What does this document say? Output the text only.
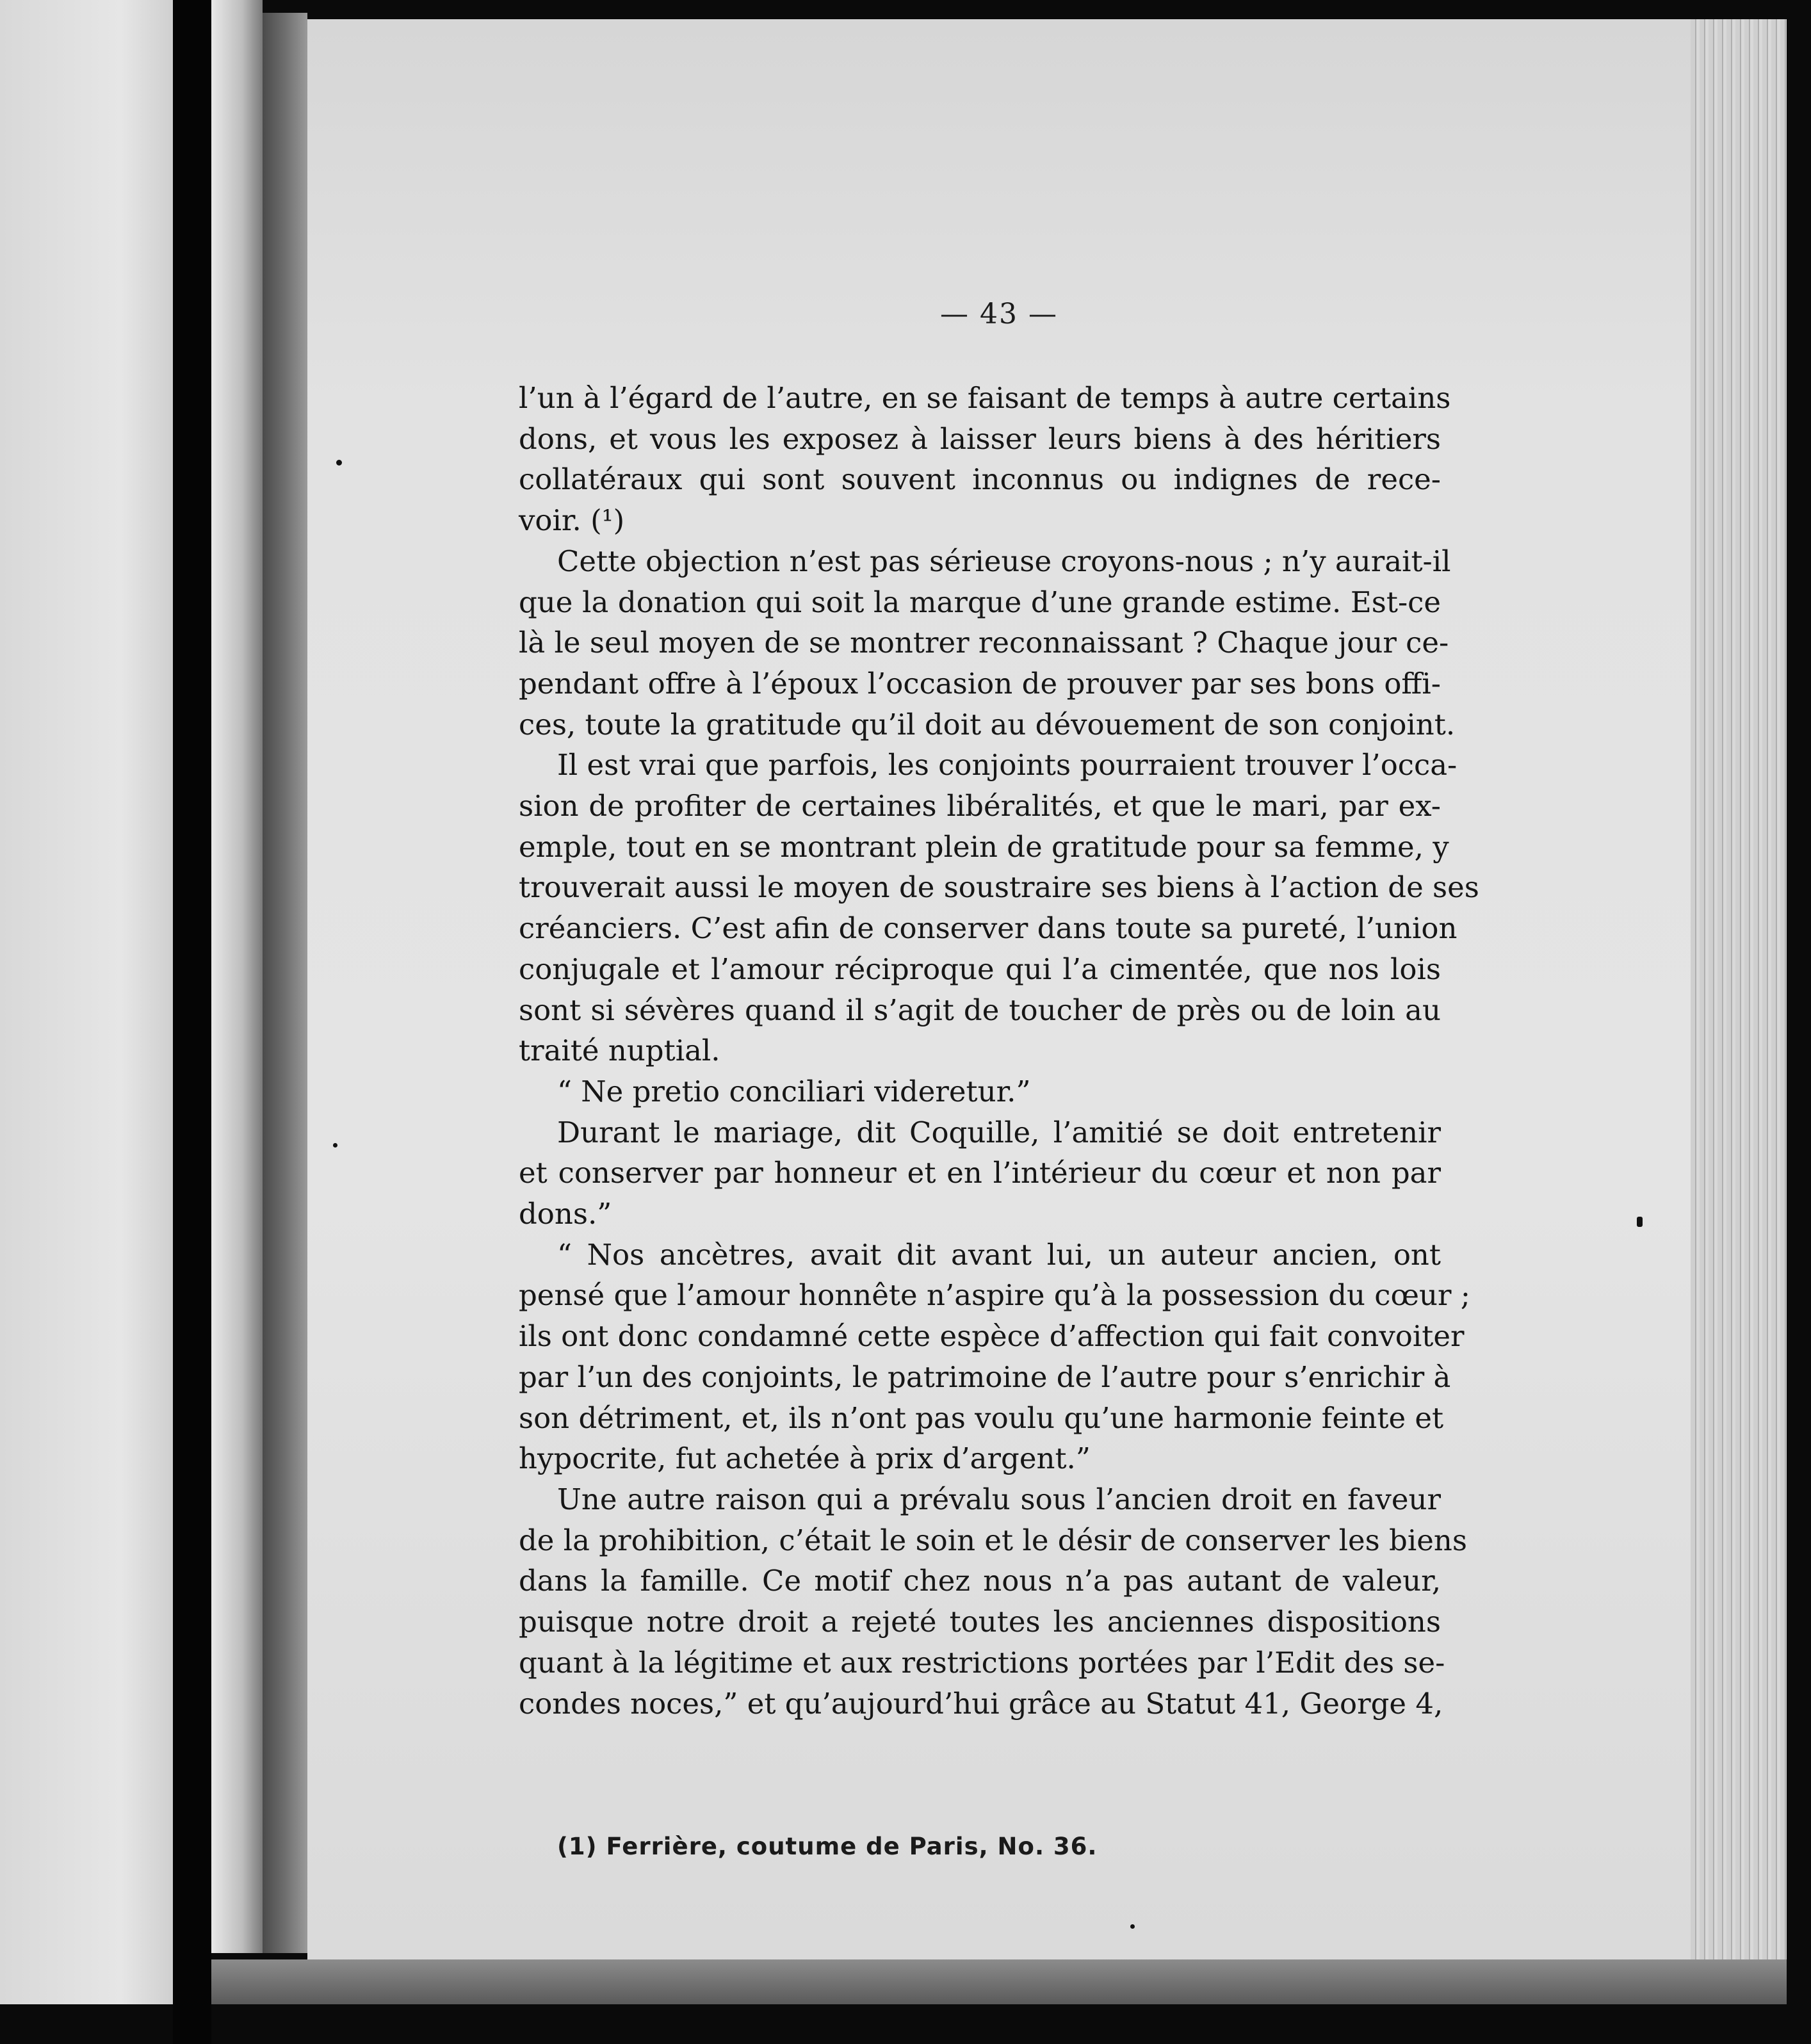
— 43 —
l’un à l’égard de l’autre, en se faisant de temps à autre certains
dons, et vous les exposez à laisser leurs biens à des héritiers
collatéraux qui sont souvent inconnus ou indignes de rece-
voir. (¹)
Cette objection n’est pas sérieuse croyons-nous ; n’y aurait-il
que la donation qui soit la marque d’une grande estime. Est-ce
là le seul moyen de se montrer reconnaissant ? Chaque jour ce-
pendant offre à l’époux l’occasion de prouver par ses bons offi-
ces, toute la gratitude qu’il doit au dévouement de son conjoint.
Il est vrai que parfois, les conjoints pourraient trouver l’occa-
sion de profiter de certaines libéralités, et que le mari, par ex-
emple, tout en se montrant plein de gratitude pour sa femme, y
trouverait aussi le moyen de soustraire ses biens à l’action de ses
créanciers. C’est afin de conserver dans toute sa pureté, l’union
conjugale et l’amour réciproque qui l’a cimentée, que nos lois
sont si sévères quand il s’agit de toucher de près ou de loin au
traité nuptial.
“ Ne pretio conciliari videretur.”
Durant le mariage, dit Coquille, l’amitié se doit entretenir
et conserver par honneur et en l’intérieur du cœur et non par
dons.”
“ Nos ancètres, avait dit avant lui, un auteur ancien, ont
pensé que l’amour honnête n’aspire qu’à la possession du cœur ;
ils ont donc condamné cette espèce d’affection qui fait convoiter
par l’un des conjoints, le patrimoine de l’autre pour s’enrichir à
son détriment, et, ils n’ont pas voulu qu’une harmonie feinte et
hypocrite, fut achetée à prix d’argent.”
Une autre raison qui a prévalu sous l’ancien droit en faveur
de la prohibition, c’était le soin et le désir de conserver les biens
dans la famille. Ce motif chez nous n’a pas autant de valeur,
puisque notre droit a rejeté toutes les anciennes dispositions
quant à la légitime et aux restrictions portées par l’Edit des se-
condes noces,” et qu’aujourd’hui grâce au Statut 41, George 4,
(1) Ferrière, coutume de Paris, No. 36.
